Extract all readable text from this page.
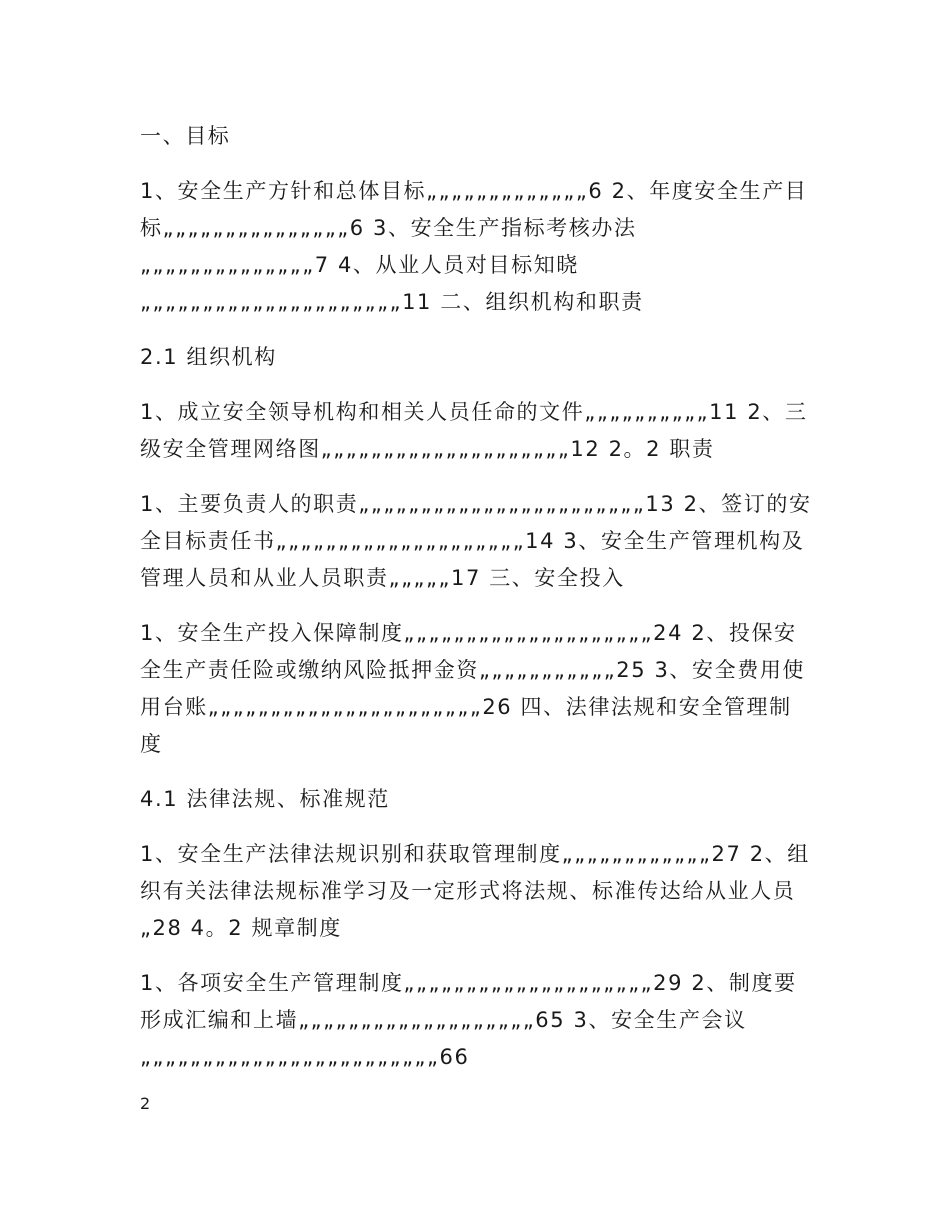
一、目标

1、安全生产方针和总体目标„„„„„„„„„„„„„6 2、年度安全生产目标„„„„„„„„„„„„„„„6 3、安全生产指标考核办法„„„„„„„„„„„„„„7 4、从业人员对目标知晓„„„„„„„„„„„„„„„„„„„„„11 二、组织机构和职责

2.1 组织机构

1、成立安全领导机构和相关人员任命的文件„„„„„„„„„„11 2、三级安全管理网络图„„„„„„„„„„„„„„„„„„„„12 2。2 职责

1、主要负责人的职责„„„„„„„„„„„„„„„„„„„„„„„13 2、签订的安全目标责任书„„„„„„„„„„„„„„„„„„„„14 3、安全生产管理机构及管理人员和从业人员职责„„„„„17 三、安全投入

1、安全生产投入保障制度„„„„„„„„„„„„„„„„„„„„24 2、投保安全生产责任险或缴纳风险抵押金资„„„„„„„„„„„25 3、安全费用使用台账„„„„„„„„„„„„„„„„„„„„„„26 四、法律法规和安全管理制度

4.1 法律法规、标准规范

1、安全生产法律法规识别和获取管理制度„„„„„„„„„„„„27 2、组织有关法律法规标准学习及一定形式将法规、标准传达给从业人员„28 4。2 规章制度

1、各项安全生产管理制度„„„„„„„„„„„„„„„„„„„„29 2、制度要形成汇编和上墙„„„„„„„„„„„„„„„„„„„65 3、安全生产会议„„„„„„„„„„„„„„„„„„„„„„„„66

2
